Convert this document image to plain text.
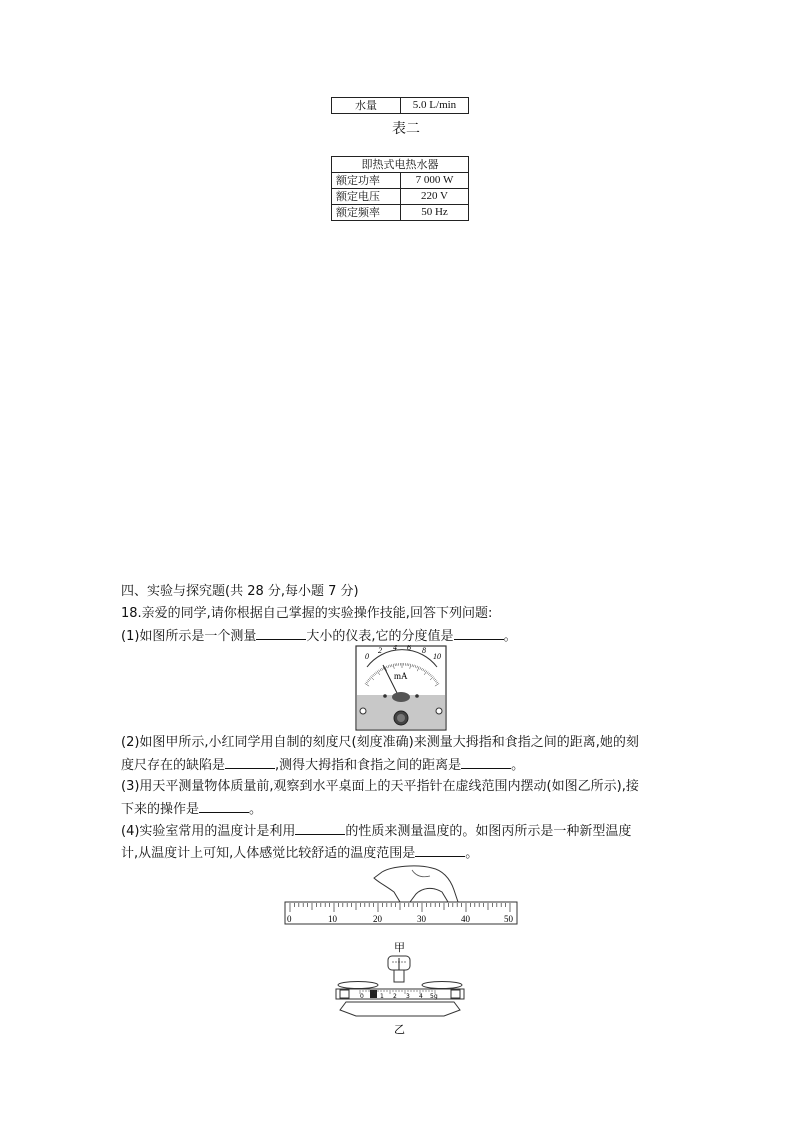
水量	5.0 L/min
表二
即热式电热水器	
额定功率	7 000 W
额定电压	220 V
额定频率	50 Hz
四、实验与探究题(共 28 分,每小题 7 分)
18.亲爱的同学,请你根据自己掌握的实验操作技能,回答下列问题:
(1)如图所示是一个测量	大小的仪表,它的分度值是	。
0
2 4 6 8
10
mA
(2)如图甲所示,小红同学用自制的刻度尺(刻度准确)来测量大拇指和食指之间的距离,她的刻
度尺存在的缺陷是	,测得大拇指和食指之间的距离是	。
(3)用天平测量物体质量前,观察到水平桌面上的天平指针在虚线范围内摆动(如图乙所示),接
下来的操作是	。
(4)实验室常用的温度计是利用	的性质来测量温度的。如图丙所示是一种新型温度
计,从温度计上可知,人体感觉比较舒适的温度范围是	。
0	10	20	30	40	50
甲
0	1 2 3 4 5g
乙
